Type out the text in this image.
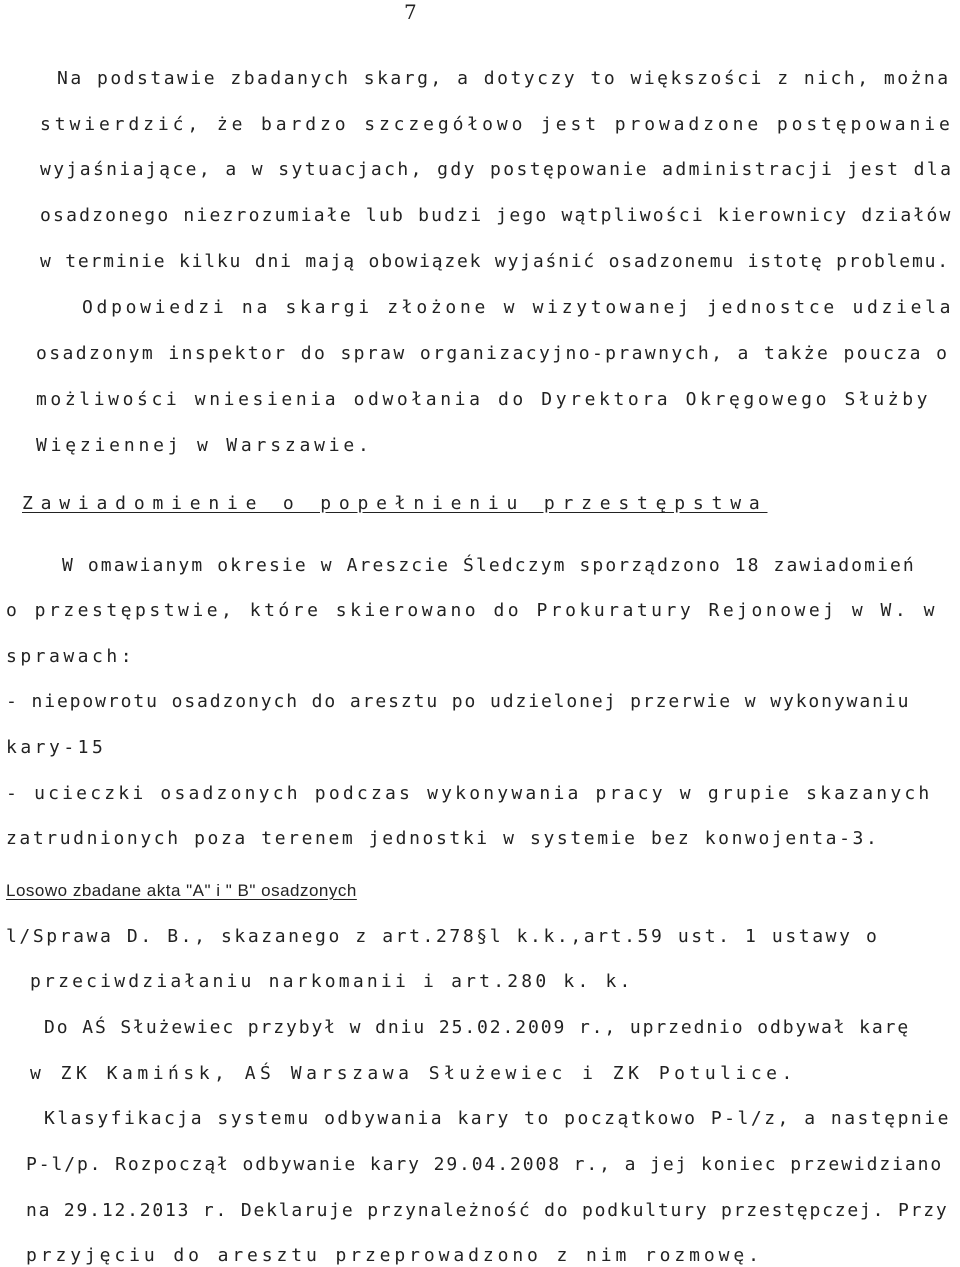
7
Na podstawie zbadanych skarg, a dotyczy to większości z nich, można
stwierdzić, że bardzo szczegółowo jest prowadzone postępowanie
wyjaśniające, a w sytuacjach, gdy postępowanie administracji jest dla
osadzonego niezrozumiałe lub budzi jego wątpliwości kierownicy działów
w terminie kilku dni mają obowiązek wyjaśnić osadzonemu istotę problemu.
Odpowiedzi na skargi złożone w wizytowanej jednostce udziela
osadzonym inspektor do spraw organizacyjno-prawnych, a także poucza o
możliwości wniesienia odwołania do Dyrektora Okręgowego Służby
Więziennej w Warszawie.
Zawiadomienie o popełnieniu przestępstwa
W omawianym okresie w Areszcie Śledczym sporządzono 18 zawiadomień
o przestępstwie, które skierowano do Prokuratury Rejonowej w W. w
sprawach:
- niepowrotu osadzonych do aresztu po udzielonej przerwie w wykonywaniu
kary-15
- ucieczki osadzonych podczas wykonywania pracy w grupie skazanych
zatrudnionych poza terenem jednostki w systemie bez konwojenta-3.
Losowo zbadane akta "A" i " B" osadzonych
l/Sprawa D. B., skazanego z art.278§l k.k.,art.59 ust. 1 ustawy o
przeciwdziałaniu narkomanii i art.280 k. k.
Do AŚ Służewiec przybył w dniu 25.02.2009 r., uprzednio odbywał karę
w ZK Kamińsk, AŚ Warszawa Służewiec i ZK Potulice.
Klasyfikacja systemu odbywania kary to początkowo P-l/z, a następnie
P-l/p. Rozpoczął odbywanie kary 29.04.2008 r., a jej koniec przewidziano
na 29.12.2013 r. Deklaruje przynależność do podkultury przestępczej. Przy
przyjęciu do aresztu przeprowadzono z nim rozmowę.
